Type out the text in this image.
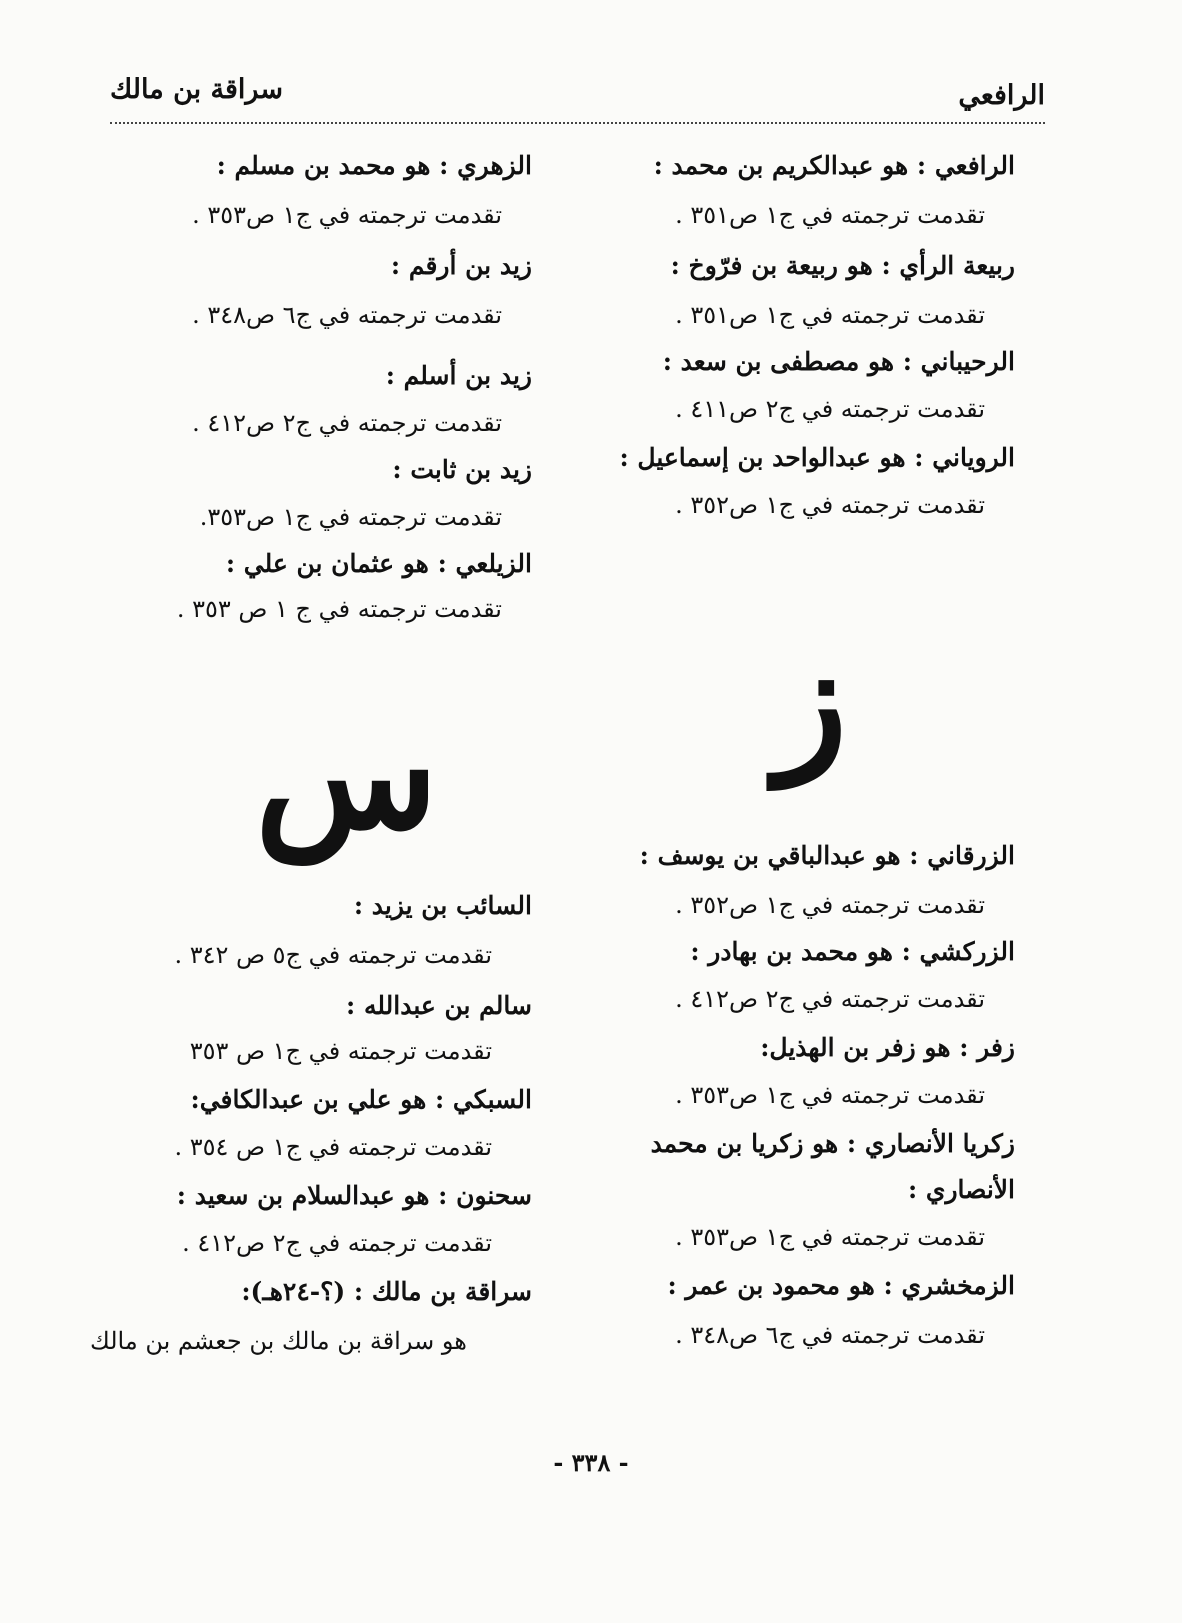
الرافعي
سراقة بن مالك
الرافعي : هو عبدالكريم بن محمد :
تقدمت ترجمته في ج١ ص٣٥١ .
ربيعة الرأي : هو ربيعة بن فرّوخ :
تقدمت ترجمته في ج١ ص٣٥١ .
الرحيباني : هو مصطفى بن سعد :
تقدمت ترجمته في ج٢ ص٤١١ .
الروياني : هو عبدالواحد بن إسماعيل :
تقدمت ترجمته في ج١ ص٣٥٢ .
الزهري : هو محمد بن مسلم :
تقدمت ترجمته في ج١ ص٣٥٣ .
زيد بن أرقم :
تقدمت ترجمته في ج٦ ص٣٤٨ .
زيد بن أسلم :
تقدمت ترجمته في ج٢ ص٤١٢ .
زيد بن ثابت :
تقدمت ترجمته في ج١ ص٣٥٣.
الزيلعي : هو عثمان بن علي :
تقدمت ترجمته في ج ١ ص ٣٥٣ .
ز
س	الزرقاني : هو عبدالباقي بن يوسف :
تقدمت ترجمته في ج١ ص٣٥٢ .
الزركشي : هو محمد بن بهادر :
تقدمت ترجمته في ج٢ ص٤١٢ .
زفر : هو زفر بن الهذيل:
تقدمت ترجمته في ج١ ص٣٥٣ .
زكريا الأنصاري : هو زكريا بن محمد
الأنصاري :
تقدمت ترجمته في ج١ ص٣٥٣ .
الزمخشري : هو محمود بن عمر :
تقدمت ترجمته في ج٦ ص٣٤٨ .
السائب بن يزيد :
تقدمت ترجمته في ج٥ ص ٣٤٢ .
سالم بن عبدالله :
تقدمت ترجمته في ج١ ص ٣٥٣
السبكي : هو علي بن عبدالكافي:
تقدمت ترجمته في ج١ ص ٣٥٤ .
سحنون : هو عبدالسلام بن سعيد :
تقدمت ترجمته في ج٢ ص٤١٢ .
سراقة بن مالك : (؟-٢٤هـ):
هو سراقة بن مالك بن جعشم بن مالك
- ٣٣٨ -
